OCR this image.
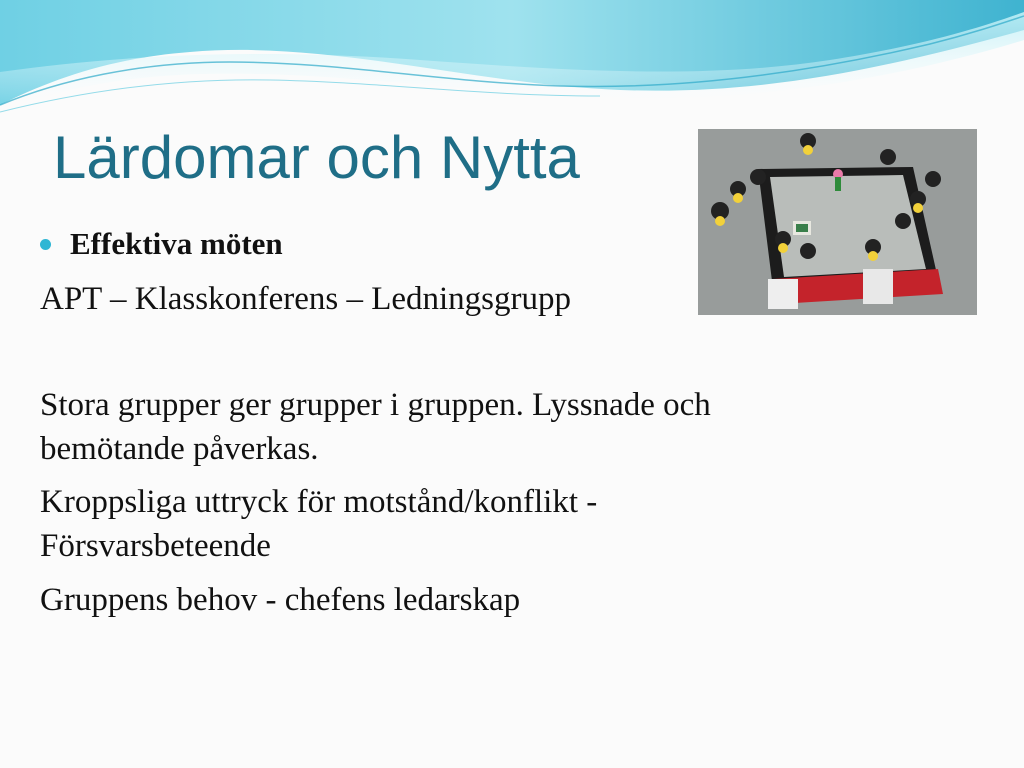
Lärdomar och Nytta
Effektiva möten
APT – Klasskonferens – Ledningsgrupp
Stora grupper ger grupper i gruppen. Lyssnade och
bemötande påverkas.
Kroppsliga uttryck för motstånd/konflikt -
Försvarsbeteende
Gruppens behov - chefens ledarskap
